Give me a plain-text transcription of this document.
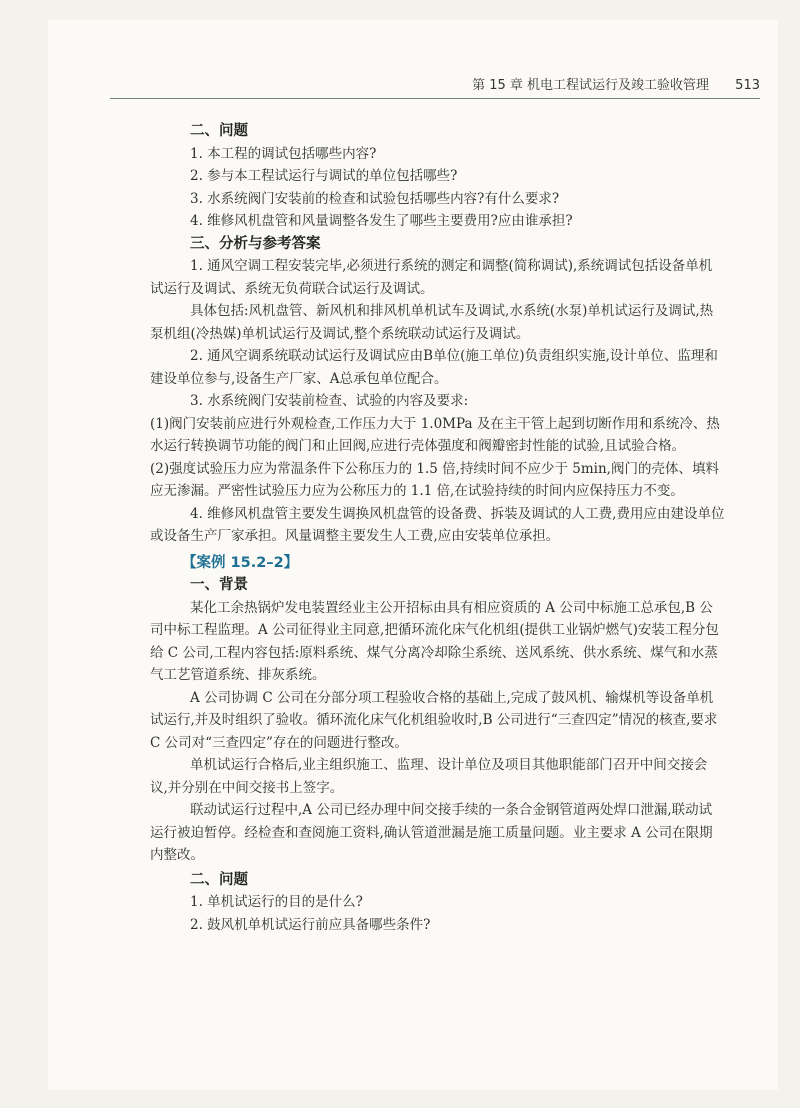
第 15 章 机电工程试运行及竣工验收管理 513

二、问题

1. 本工程的调试包括哪些内容?

2. 参与本工程试运行与调试的单位包括哪些?

3. 水系统阀门安装前的检查和试验包括哪些内容?有什么要求?

4. 维修风机盘管和风量调整各发生了哪些主要费用?应由谁承担?

三、分析与参考答案

1. 通风空调工程安装完毕,必须进行系统的测定和调整(简称调试),系统调试包括设备单机试运行及调试、系统无负荷联合试运行及调试。

具体包括:风机盘管、新风机和排风机单机试车及调试,水系统(水泵)单机试运行及调试,热泵机组(冷热媒)单机试运行及调试,整个系统联动试运行及调试。

2. 通风空调系统联动试运行及调试应由B单位(施工单位)负责组织实施,设计单位、监理和建设单位参与,设备生产厂家、A总承包单位配合。

3. 水系统阀门安装前检查、试验的内容及要求:

(1)阀门安装前应进行外观检查,工作压力大于 1.0MPa 及在主干管上起到切断作用和系统冷、热水运行转换调节功能的阀门和止回阀,应进行壳体强度和阀瓣密封性能的试验,且试验合格。

(2)强度试验压力应为常温条件下公称压力的 1.5 倍,持续时间不应少于 5min,阀门的壳体、填料应无渗漏。严密性试验压力应为公称压力的 1.1 倍,在试验持续的时间内应保持压力不变。

4. 维修风机盘管主要发生调换风机盘管的设备费、拆装及调试的人工费,费用应由建设单位或设备生产厂家承担。风量调整主要发生人工费,应由安装单位承担。

【案例 15.2–2】

一、背景

某化工余热锅炉发电装置经业主公开招标由具有相应资质的 A 公司中标施工总承包,B 公司中标工程监理。A 公司征得业主同意,把循环流化床气化机组(提供工业锅炉燃气)安装工程分包给 C 公司,工程内容包括:原料系统、煤气分离冷却除尘系统、送风系统、供水系统、煤气和水蒸气工艺管道系统、排灰系统。

A 公司协调 C 公司在分部分项工程验收合格的基础上,完成了鼓风机、输煤机等设备单机试运行,并及时组织了验收。循环流化床气化机组验收时,B 公司进行“三查四定”情况的核查,要求 C 公司对“三查四定”存在的问题进行整改。

单机试运行合格后,业主组织施工、监理、设计单位及项目其他职能部门召开中间交接会议,并分别在中间交接书上签字。

联动试运行过程中,A 公司已经办理中间交接手续的一条合金钢管道两处焊口泄漏,联动试运行被迫暂停。经检查和查阅施工资料,确认管道泄漏是施工质量问题。业主要求 A 公司在限期内整改。

二、问题

1. 单机试运行的目的是什么?

2. 鼓风机单机试运行前应具备哪些条件?
